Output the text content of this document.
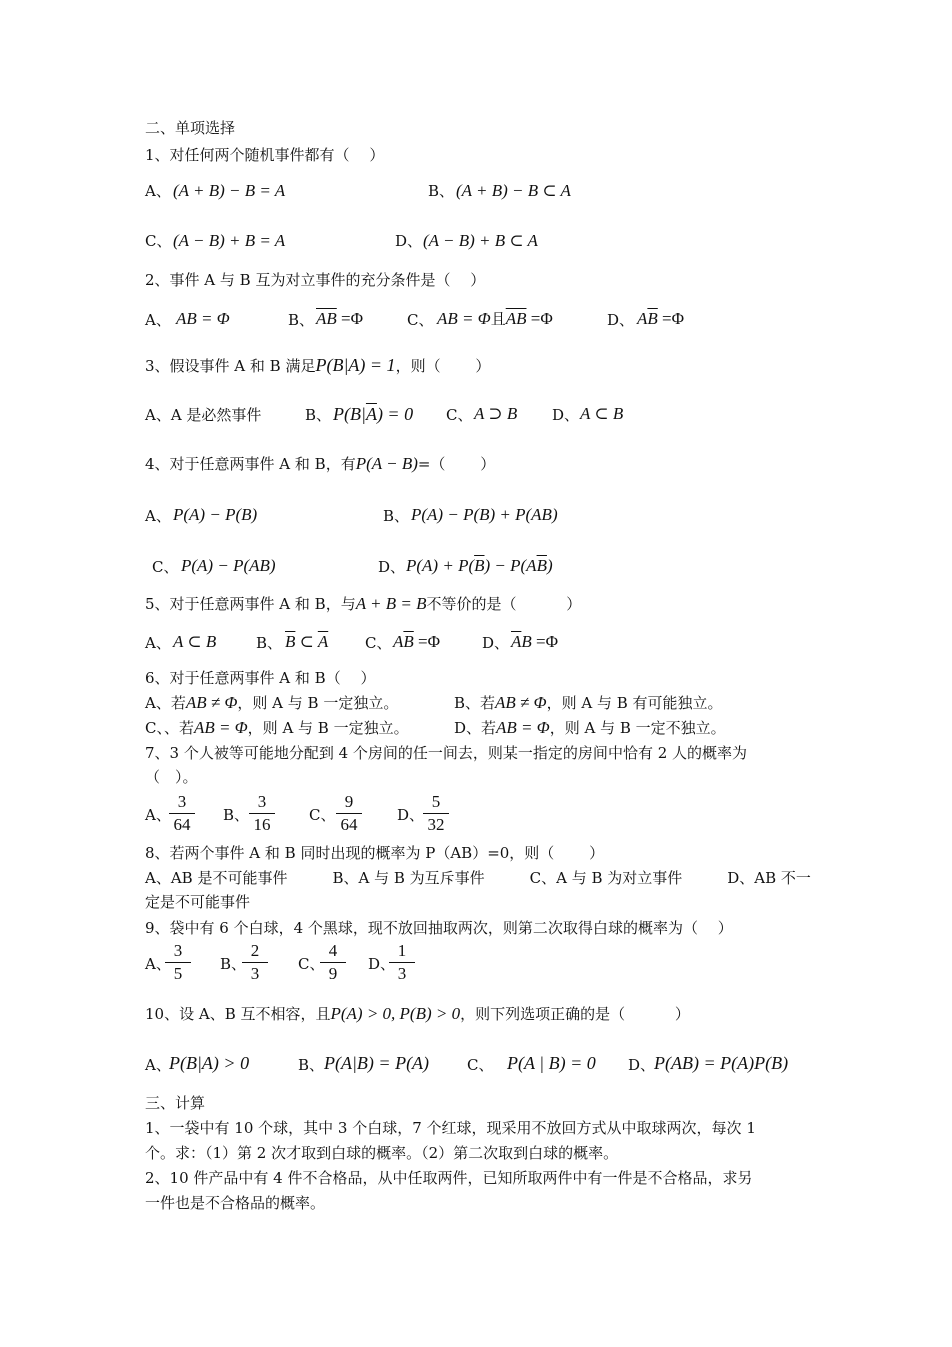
二、单项选择
1、对任何两个随机事件都有（　 ）
A、 (A + B) − B = A	B、 (A + B) − B ⊂ A
C、 (A − B) + B = A	D、 (A − B) + B ⊂ A
2、事件 A 与 B 互为对立事件的充分条件是（　 ）
A、 AB = Φ	B、 $\overline{AB} =\Phi$	C、 AB = Φ且$\overline{AB} =\Phi$	D、 $A\overline{B} =\Phi$
3、假设事件 A 和 B 满足P(B|A) = 1，则（　　 ）
A、A 是必然事件	B、 $P(B|\overline{A}) = 0$ C、 A ⊃ B D、 A ⊂ B
4、对于任意两事件 A 和 B，有P(A − B)=（　　 ）
A、 P(A) − P(B)	B、 P(A) − P(B) + P(AB)
C、 P(A) − P(AB)	D、 $P(A) + P(\overline{B}) - P(A\overline{B})$
5、对于任意两事件 A 和 B，与A + B = B不等价的是（　　　 ）
A、 A ⊂ B	B、 $\overline{B}$ ⊂ $\overline{A}$ C、 $A\overline{B} =\Phi$	D、 $\overline{A}B =\Phi$
6、对于任意两事件 A 和 B（　 ）
A、若AB ≠ Φ，则 A 与 B 一定独立。	B、若AB ≠ Φ，则 A 与 B 有可能独立。
C、、若AB = Φ，则 A 与 B 一定独立。	D、若AB = Φ，则 A 与 B 一定不独立。
7、3 个人被等可能地分配到 4 个房间的任一间去，则某一指定的房间中恰有 2 人的概率为
（　）。
A、
$\frac{3}{64}$ B、 $\frac{3}{16}$ C、 $\frac{9}{64}$ D、
$\frac{5}{32}$
8、若两个事件 A 和 B 同时出现的概率为 P（AB）=0，则（　　 ）
A、AB 是不可能事件　　　B、A 与 B 为互斥事件　　　C、A 与 B 为对立事件　　　D、AB 不一
定是不可能事件
9、袋中有 6 个白球，4 个黑球，现不放回抽取两次，则第二次取得白球的概率为（　 ）
A、
$\frac{3}{5}$ B、
$\frac{2}{3}$ C、
$\frac{4}{9}$ D、
$\frac{1}{3}$
10、设 A、B 互不相容，且P(A) > 0, P(B) > 0，则下列选项正确的是（　　　 ）
A、
P(B|A) > 0	B、 P(A|B) = P(A)	C、 P(A | B) = 0 D、
P(AB) = P(A)P(B)
三、计算
1、一袋中有 10 个球，其中 3 个白球，7 个红球，现采用不放回方式从中取球两次，每次 1
个。求：（1）第 2 次才取到白球的概率。（2）第二次取到白球的概率。
2、10 件产品中有 4 件不合格品，从中任取两件，已知所取两件中有一件是不合格品，求另
一件也是不合格品的概率。
